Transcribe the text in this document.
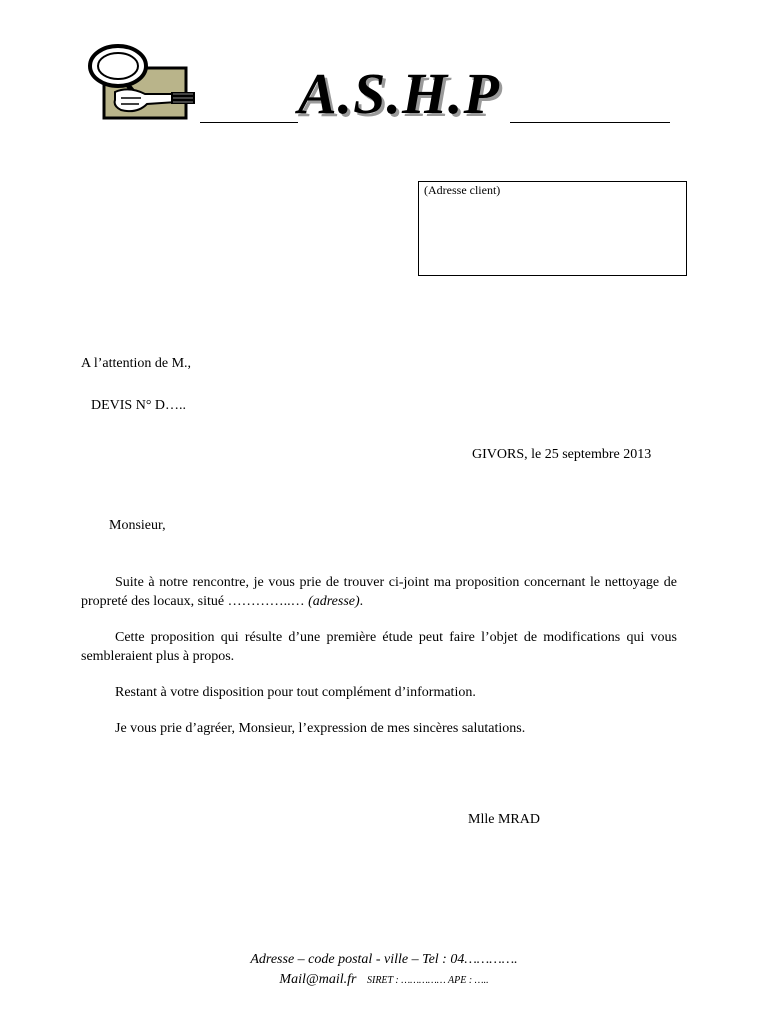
A.S.H.P
(Adresse client)
A l’attention de M.,
DEVIS N° D…..
GIVORS, le 25 septembre 2013
Monsieur,
Suite à notre rencontre, je vous prie de trouver ci-joint ma proposition concernant le nettoyage de propreté des locaux, situé …………..… (adresse).
Cette proposition qui résulte d’une première étude peut faire l’objet de modifications qui vous sembleraient plus à propos.
Restant à votre disposition pour tout complément d’information.
Je vous prie d’agréer, Monsieur, l’expression de mes sincères salutations.
Mlle MRAD
Adresse – code postal - ville – Tel : 04………….
Mail@mail.fr SIRET : …………… APE : …..
